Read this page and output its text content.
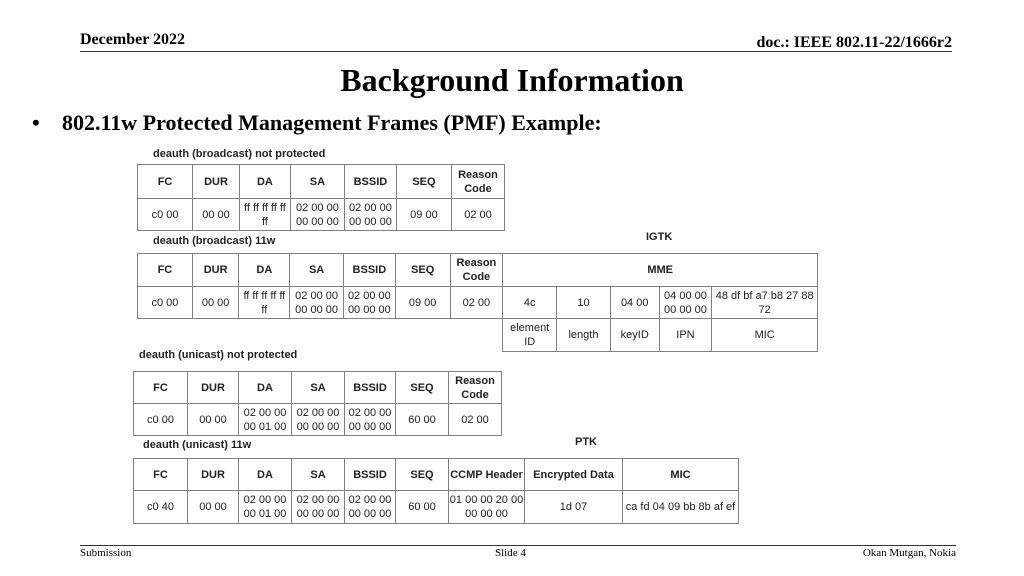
December 2022	doc.: IEEE 802.11-22/1666r2
Background Information
• 802.11w Protected Management Frames (PMF) Example:
deauth (broadcast) not protected
FC	DUR	DA	SA	BSSID	SEQ	Reason Code
c0 00	00 00	ff ff ff ff ff ff	02 00 00 00 00 00	02 00 00 00 00 00	09 00	02 00
deauth (broadcast) 11w	IGTK
FC	DUR	DA	SA	BSSID	SEQ	Reason Code	MME				
c0 00	00 00	ff ff ff ff ff ff	02 00 00 00 00 00	02 00 00 00 00 00	09 00	02 00	4c	10	04 00	04 00 00 00 00 00	48 df bf a7 b8 27 88 72
							element ID	length	keyID	IPN	MIC
deauth (unicast) not protected
FC	DUR	DA	SA	BSSID	SEQ	Reason Code
c0 00	00 00	02 00 00 00 01 00	02 00 00 00 00 00	02 00 00 00 00 00	60 00	02 00
deauth (unicast) 11w	PTK
FC	DUR	DA	SA	BSSID	SEQ	CCMP Header	Encrypted Data	MIC
c0 40	00 00	02 00 00 00 01 00	02 00 00 00 00 00	02 00 00 00 00 00	60 00	01 00 00 20 00 00 00 00	1d 07	ca fd 04 09 bb 8b af ef
Submission	Slide 4	Okan Mutgan, Nokia
